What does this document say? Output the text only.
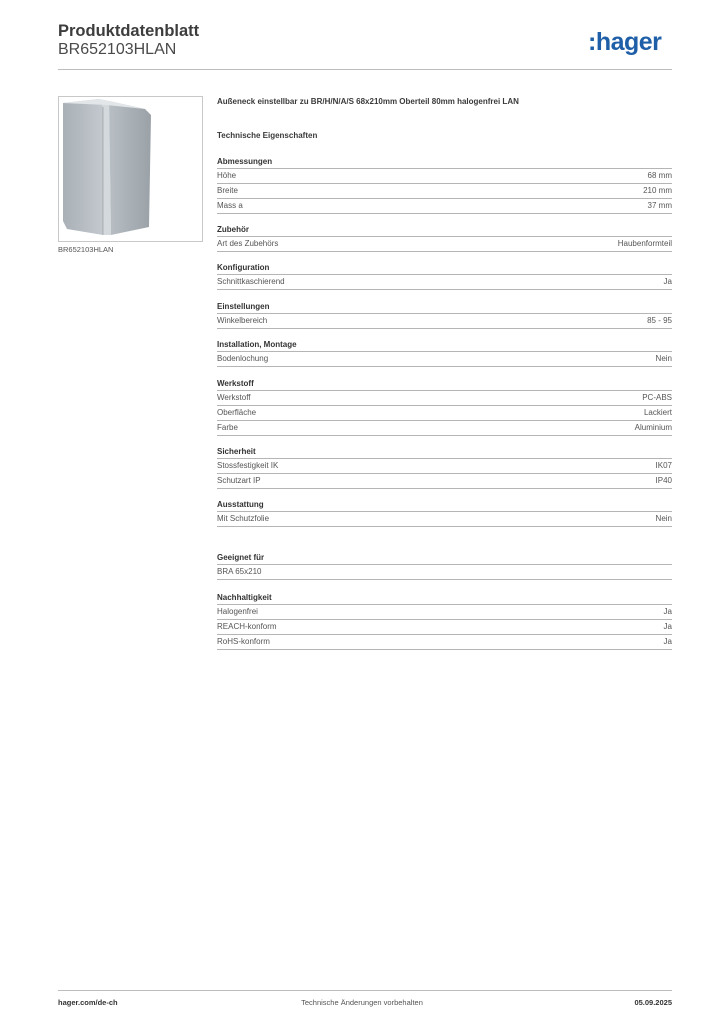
Produktdatenblatt
BR652103HLAN	:hager
BR652103HLAN
Außeneck einstellbar zu BR/H/N/A/S 68x210mm Oberteil 80mm halogenfrei LAN
Technische Eigenschaften
Abmessungen
Höhe	68 mm
Breite	210 mm
Mass a	37 mm
Zubehör
Art des Zubehörs	Haubenformteil
Konfiguration
Schnittkaschierend	Ja
Einstellungen
Winkelbereich	85 - 95
Installation, Montage
Bodenlochung	Nein
Werkstoff
Werkstoff	PC-ABS
Oberfläche	Lackiert
Farbe	Aluminium
Sicherheit
Stossfestigkeit IK	IK07
Schutzart IP	IP40
Ausstattung
Mit Schutzfolie	Nein
Geeignet für
BRA 65x210
Nachhaltigkeit
Halogenfrei	Ja
REACH-konform	Ja
RoHS-konform	Ja
hager.com/de-ch	Technische Änderungen vorbehalten	05.09.2025
